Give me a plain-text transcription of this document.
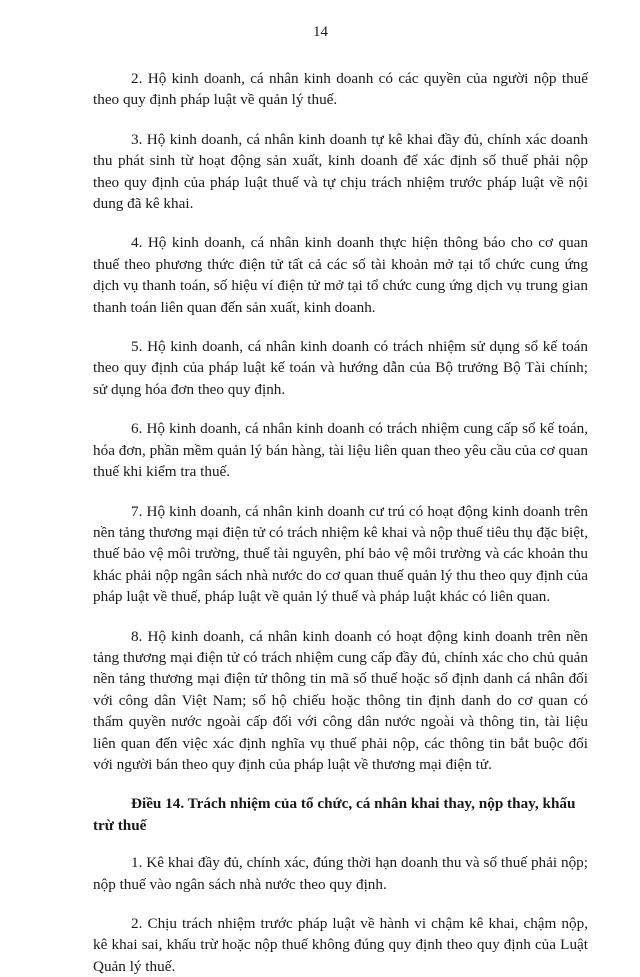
14

2. Hộ kinh doanh, cá nhân kinh doanh có các quyền của người nộp thuế theo quy định pháp luật về quản lý thuế.

3. Hộ kinh doanh, cá nhân kinh doanh tự kê khai đầy đủ, chính xác doanh thu phát sinh từ hoạt động sản xuất, kinh doanh để xác định số thuế phải nộp theo quy định của pháp luật thuế và tự chịu trách nhiệm trước pháp luật về nội dung đã kê khai.

4. Hộ kinh doanh, cá nhân kinh doanh thực hiện thông báo cho cơ quan thuế theo phương thức điện tử tất cả các số tài khoản mở tại tổ chức cung ứng dịch vụ thanh toán, số hiệu ví điện tử mở tại tổ chức cung ứng dịch vụ trung gian thanh toán liên quan đến sản xuất, kinh doanh.

5. Hộ kinh doanh, cá nhân kinh doanh có trách nhiệm sử dụng sổ kế toán theo quy định của pháp luật kế toán và hướng dẫn của Bộ trưởng Bộ Tài chính; sử dụng hóa đơn theo quy định.

6. Hộ kinh doanh, cá nhân kinh doanh có trách nhiệm cung cấp sổ kế toán, hóa đơn, phần mềm quản lý bán hàng, tài liệu liên quan theo yêu cầu của cơ quan thuế khi kiểm tra thuế.

7. Hộ kinh doanh, cá nhân kinh doanh cư trú có hoạt động kinh doanh trên nền tảng thương mại điện tử có trách nhiệm kê khai và nộp thuế tiêu thụ đặc biệt, thuế bảo vệ môi trường, thuế tài nguyên, phí bảo vệ môi trường và các khoản thu khác phải nộp ngân sách nhà nước do cơ quan thuế quản lý thu theo quy định của pháp luật về thuế, pháp luật về quản lý thuế và pháp luật khác có liên quan.

8. Hộ kinh doanh, cá nhân kinh doanh có hoạt động kinh doanh trên nền tảng thương mại điện tử có trách nhiệm cung cấp đầy đủ, chính xác cho chủ quản nền tảng thương mại điện tử thông tin mã số thuế hoặc số định danh cá nhân đối với công dân Việt Nam; số hộ chiếu hoặc thông tin định danh do cơ quan có thẩm quyền nước ngoài cấp đối với công dân nước ngoài và thông tin, tài liệu liên quan đến việc xác định nghĩa vụ thuế phải nộp, các thông tin bắt buộc đối với người bán theo quy định của pháp luật về thương mại điện tử.

Điều 14. Trách nhiệm của tổ chức, cá nhân khai thay, nộp thay, khấu trừ thuế

1. Kê khai đầy đủ, chính xác, đúng thời hạn doanh thu và số thuế phải nộp; nộp thuế vào ngân sách nhà nước theo quy định.

2. Chịu trách nhiệm trước pháp luật về hành vi chậm kê khai, chậm nộp, kê khai sai, khấu trừ hoặc nộp thuế không đúng quy định theo quy định của Luật Quản lý thuế.
